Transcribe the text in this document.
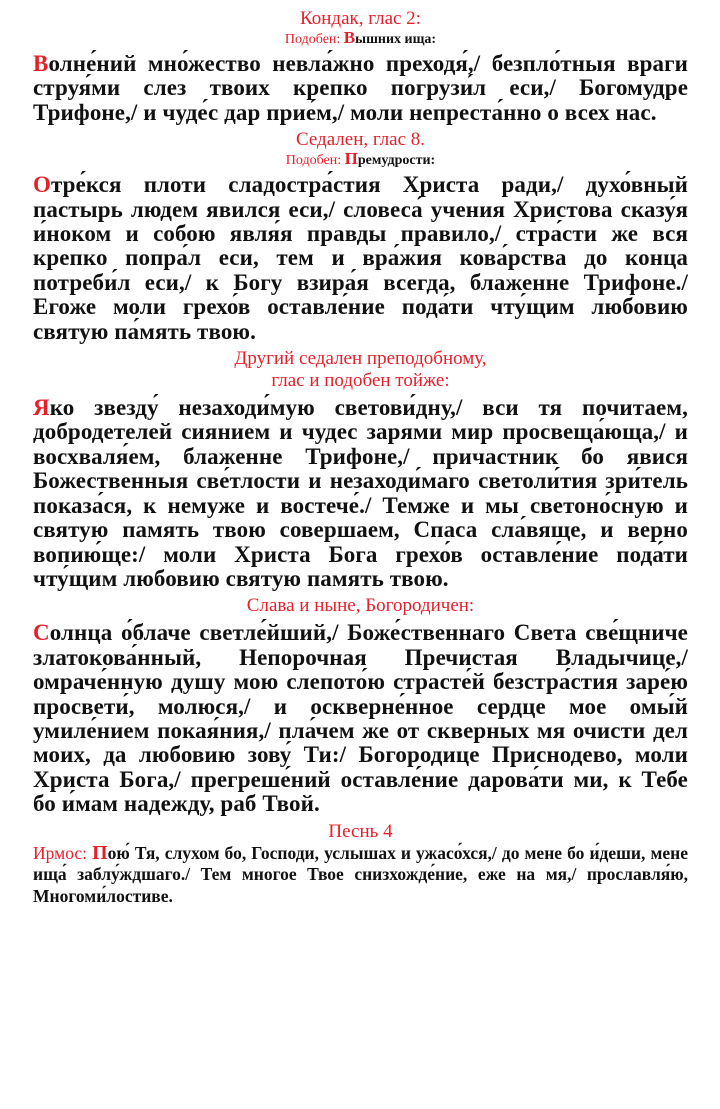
Кондак, глас 2:

Подобен: Вышних ища:

Волне́ний мно́жество невла́жно преходя́,/ безпло́тныя враги струя́ми слез твоих крепко погрузи́л еси,/ Богомудре Трифоне,/ и чуде́с дар прие́м,/ моли непреста́нно о всех нас.

Седален, глас 8.

Подобен: Премудрости:

Отре́кся плоти сладостра́стия Христа ради,/ духо́вный пастырь людем явился еси,/ словеса́ учения Христова сказу́я и́ноком и собою явля́я правды правило,/ стра́сти же вся крепко попра́л еси, тем и вра́жия кова́рства до конца потреби́л еси,/ к Богу взира́я всегда, блаженне Трифоне./ Егоже моли грехо́в оставле́ние пода́ти чту́щим любовию святую па́мять твою.

Другий седален преподобному,

глас и подобен тойже:

Яко звезду́ незаходи́мую светови́дну,/ вси тя почитаем, добродетелей сиянием и чудес зарями мир просвеща́ющa,/ и восхваля́ем, блаженне Трифоне,/ причастник бо явися Божественныя све́тлости и незаходи́маго светоли́тия зри́тель показа́ся, к немуже и востече́./ Темже и мы светоно́сную и святую память твою совершаем, Спаса сла́вяще, и верно вопию́ще:/ моли Христа Бога грехо́в оставле́ние пода́ти чту́щим любовию святую память твою.

Слава и ныне, Богородичен:

Солнца о́блаче светле́йший,/ Боже́ственнаго Света све́щниче златокова́нный, Непорочная Пречистая Владычице,/ омраче́нную душу мою слепото́ю страсте́й безстра́стия заре́ю просвети́, молюся,/ и оскверне́нное сердце мое омы́й умиле́нием покая́ния,/ пла́чем же от скверных мя очисти дел моих, да любовию зову́ Ти:/ Богородице Приснодево, моли Христа Бога,/ прегреше́ний оставле́ние дарова́ти ми, к Тебе бо и́мам надежду, раб Твой.

Песнь 4

Ирмос: Пою́ Тя, слухом бо, Господи, услышах и ужасо́хся,/ до мене бо и́деши, мене ища́ заблу́ждшаго./ Тем многое Твое снизхожде́ние, еже на мя,/ прославля́ю, Многоми́лостиве.
